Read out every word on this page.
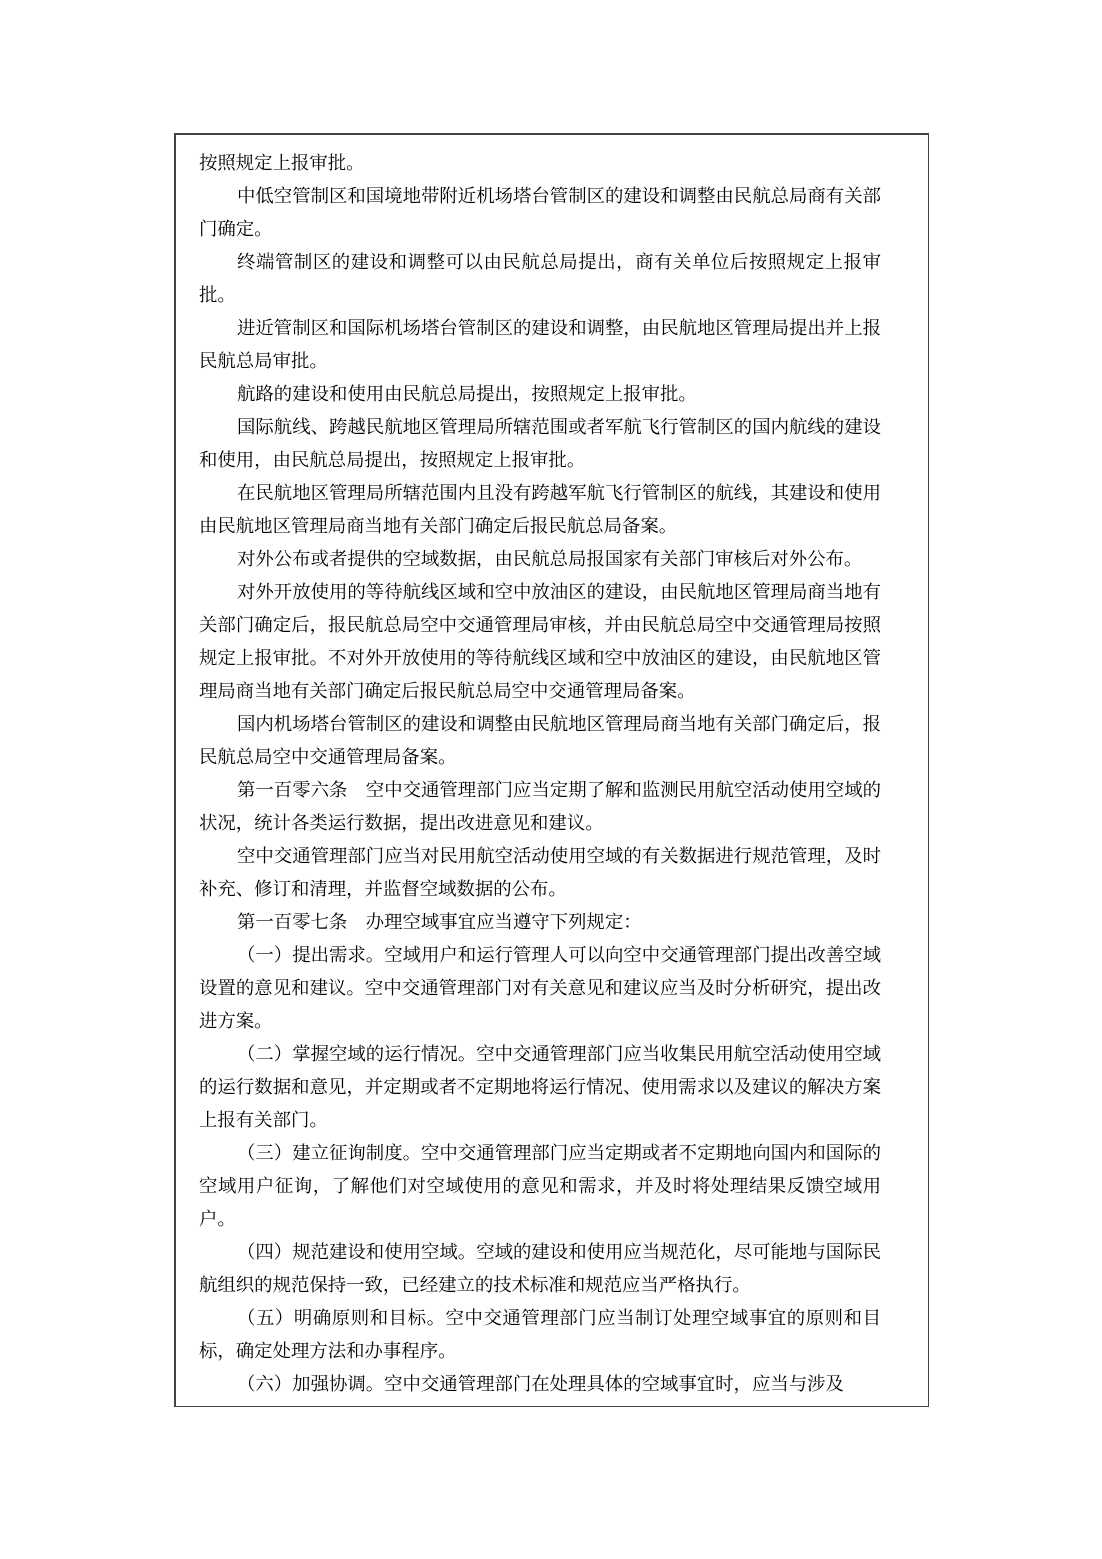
按照规定上报审批。

中低空管制区和国境地带附近机场塔台管制区的建设和调整由民航总局商有关部门确定。

终端管制区的建设和调整可以由民航总局提出，商有关单位后按照规定上报审批。

进近管制区和国际机场塔台管制区的建设和调整，由民航地区管理局提出并上报民航总局审批。

航路的建设和使用由民航总局提出，按照规定上报审批。

国际航线、跨越民航地区管理局所辖范围或者军航飞行管制区的国内航线的建设和使用，由民航总局提出，按照规定上报审批。

在民航地区管理局所辖范围内且没有跨越军航飞行管制区的航线，其建设和使用由民航地区管理局商当地有关部门确定后报民航总局备案。

对外公布或者提供的空域数据，由民航总局报国家有关部门审核后对外公布。

对外开放使用的等待航线区域和空中放油区的建设，由民航地区管理局商当地有关部门确定后，报民航总局空中交通管理局审核，并由民航总局空中交通管理局按照规定上报审批。不对外开放使用的等待航线区域和空中放油区的建设，由民航地区管理局商当地有关部门确定后报民航总局空中交通管理局备案。

国内机场塔台管制区的建设和调整由民航地区管理局商当地有关部门确定后，报民航总局空中交通管理局备案。

第一百零六条　空中交通管理部门应当定期了解和监测民用航空活动使用空域的状况，统计各类运行数据，提出改进意见和建议。

空中交通管理部门应当对民用航空活动使用空域的有关数据进行规范管理，及时补充、修订和清理，并监督空域数据的公布。

第一百零七条　办理空域事宜应当遵守下列规定：

（一）提出需求。空域用户和运行管理人可以向空中交通管理部门提出改善空域设置的意见和建议。空中交通管理部门对有关意见和建议应当及时分析研究，提出改进方案。

（二）掌握空域的运行情况。空中交通管理部门应当收集民用航空活动使用空域的运行数据和意见，并定期或者不定期地将运行情况、使用需求以及建议的解决方案上报有关部门。

（三）建立征询制度。空中交通管理部门应当定期或者不定期地向国内和国际的空域用户征询，了解他们对空域使用的意见和需求，并及时将处理结果反馈空域用户。

（四）规范建设和使用空域。空域的建设和使用应当规范化，尽可能地与国际民航组织的规范保持一致，已经建立的技术标准和规范应当严格执行。

（五）明确原则和目标。空中交通管理部门应当制订处理空域事宜的原则和目标，确定处理方法和办事程序。

（六）加强协调。空中交通管理部门在处理具体的空域事宜时，应当与涉及
